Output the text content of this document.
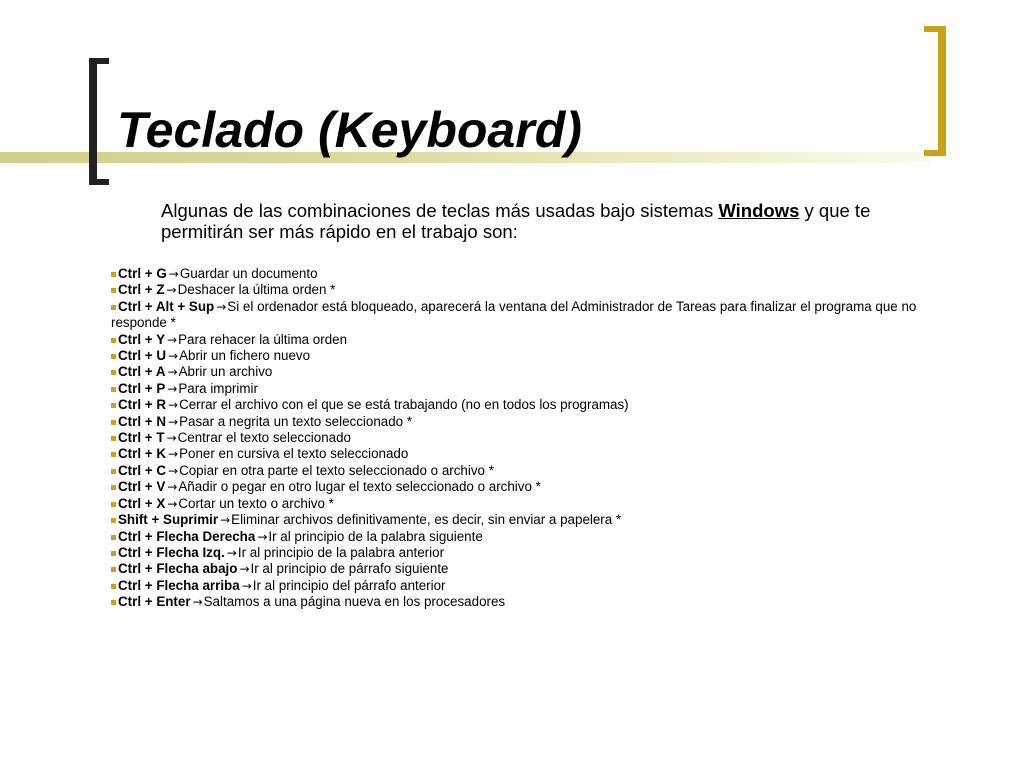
Teclado (Keyboard)

Algunas de las combinaciones de teclas más usadas bajo sistemas Windows y que te permitirán ser más rápido en el trabajo son:

Ctrl + G →Guardar un documento
Ctrl + Z →Deshacer la última orden *
Ctrl + Alt + Sup →Si el ordenador está bloqueado, aparecerá la ventana del Administrador de Tareas para finalizar el programa que no responde *
Ctrl + Y →Para rehacer la última orden
Ctrl + U →Abrir un fichero nuevo
Ctrl + A →Abrir un archivo
Ctrl + P →Para imprimir
Ctrl + R →Cerrar el archivo con el que se está trabajando (no en todos los programas)
Ctrl + N →Pasar a negrita un texto seleccionado *
Ctrl + T →Centrar el texto seleccionado
Ctrl + K →Poner en cursiva el texto seleccionado
Ctrl + C →Copiar en otra parte el texto seleccionado o archivo *
Ctrl + V →Añadir o pegar en otro lugar el texto seleccionado o archivo *
Ctrl + X →Cortar un texto o archivo *
Shift + Suprimir →Eliminar archivos definitivamente, es decir, sin enviar a papelera *
Ctrl + Flecha Derecha →Ir al principio de la palabra siguiente
Ctrl + Flecha Izq. →Ir al principio de la palabra anterior
Ctrl + Flecha abajo →Ir al principio de párrafo siguiente
Ctrl + Flecha arriba →Ir al principio del párrafo anterior
Ctrl + Enter →Saltamos a una página nueva en los procesadores
